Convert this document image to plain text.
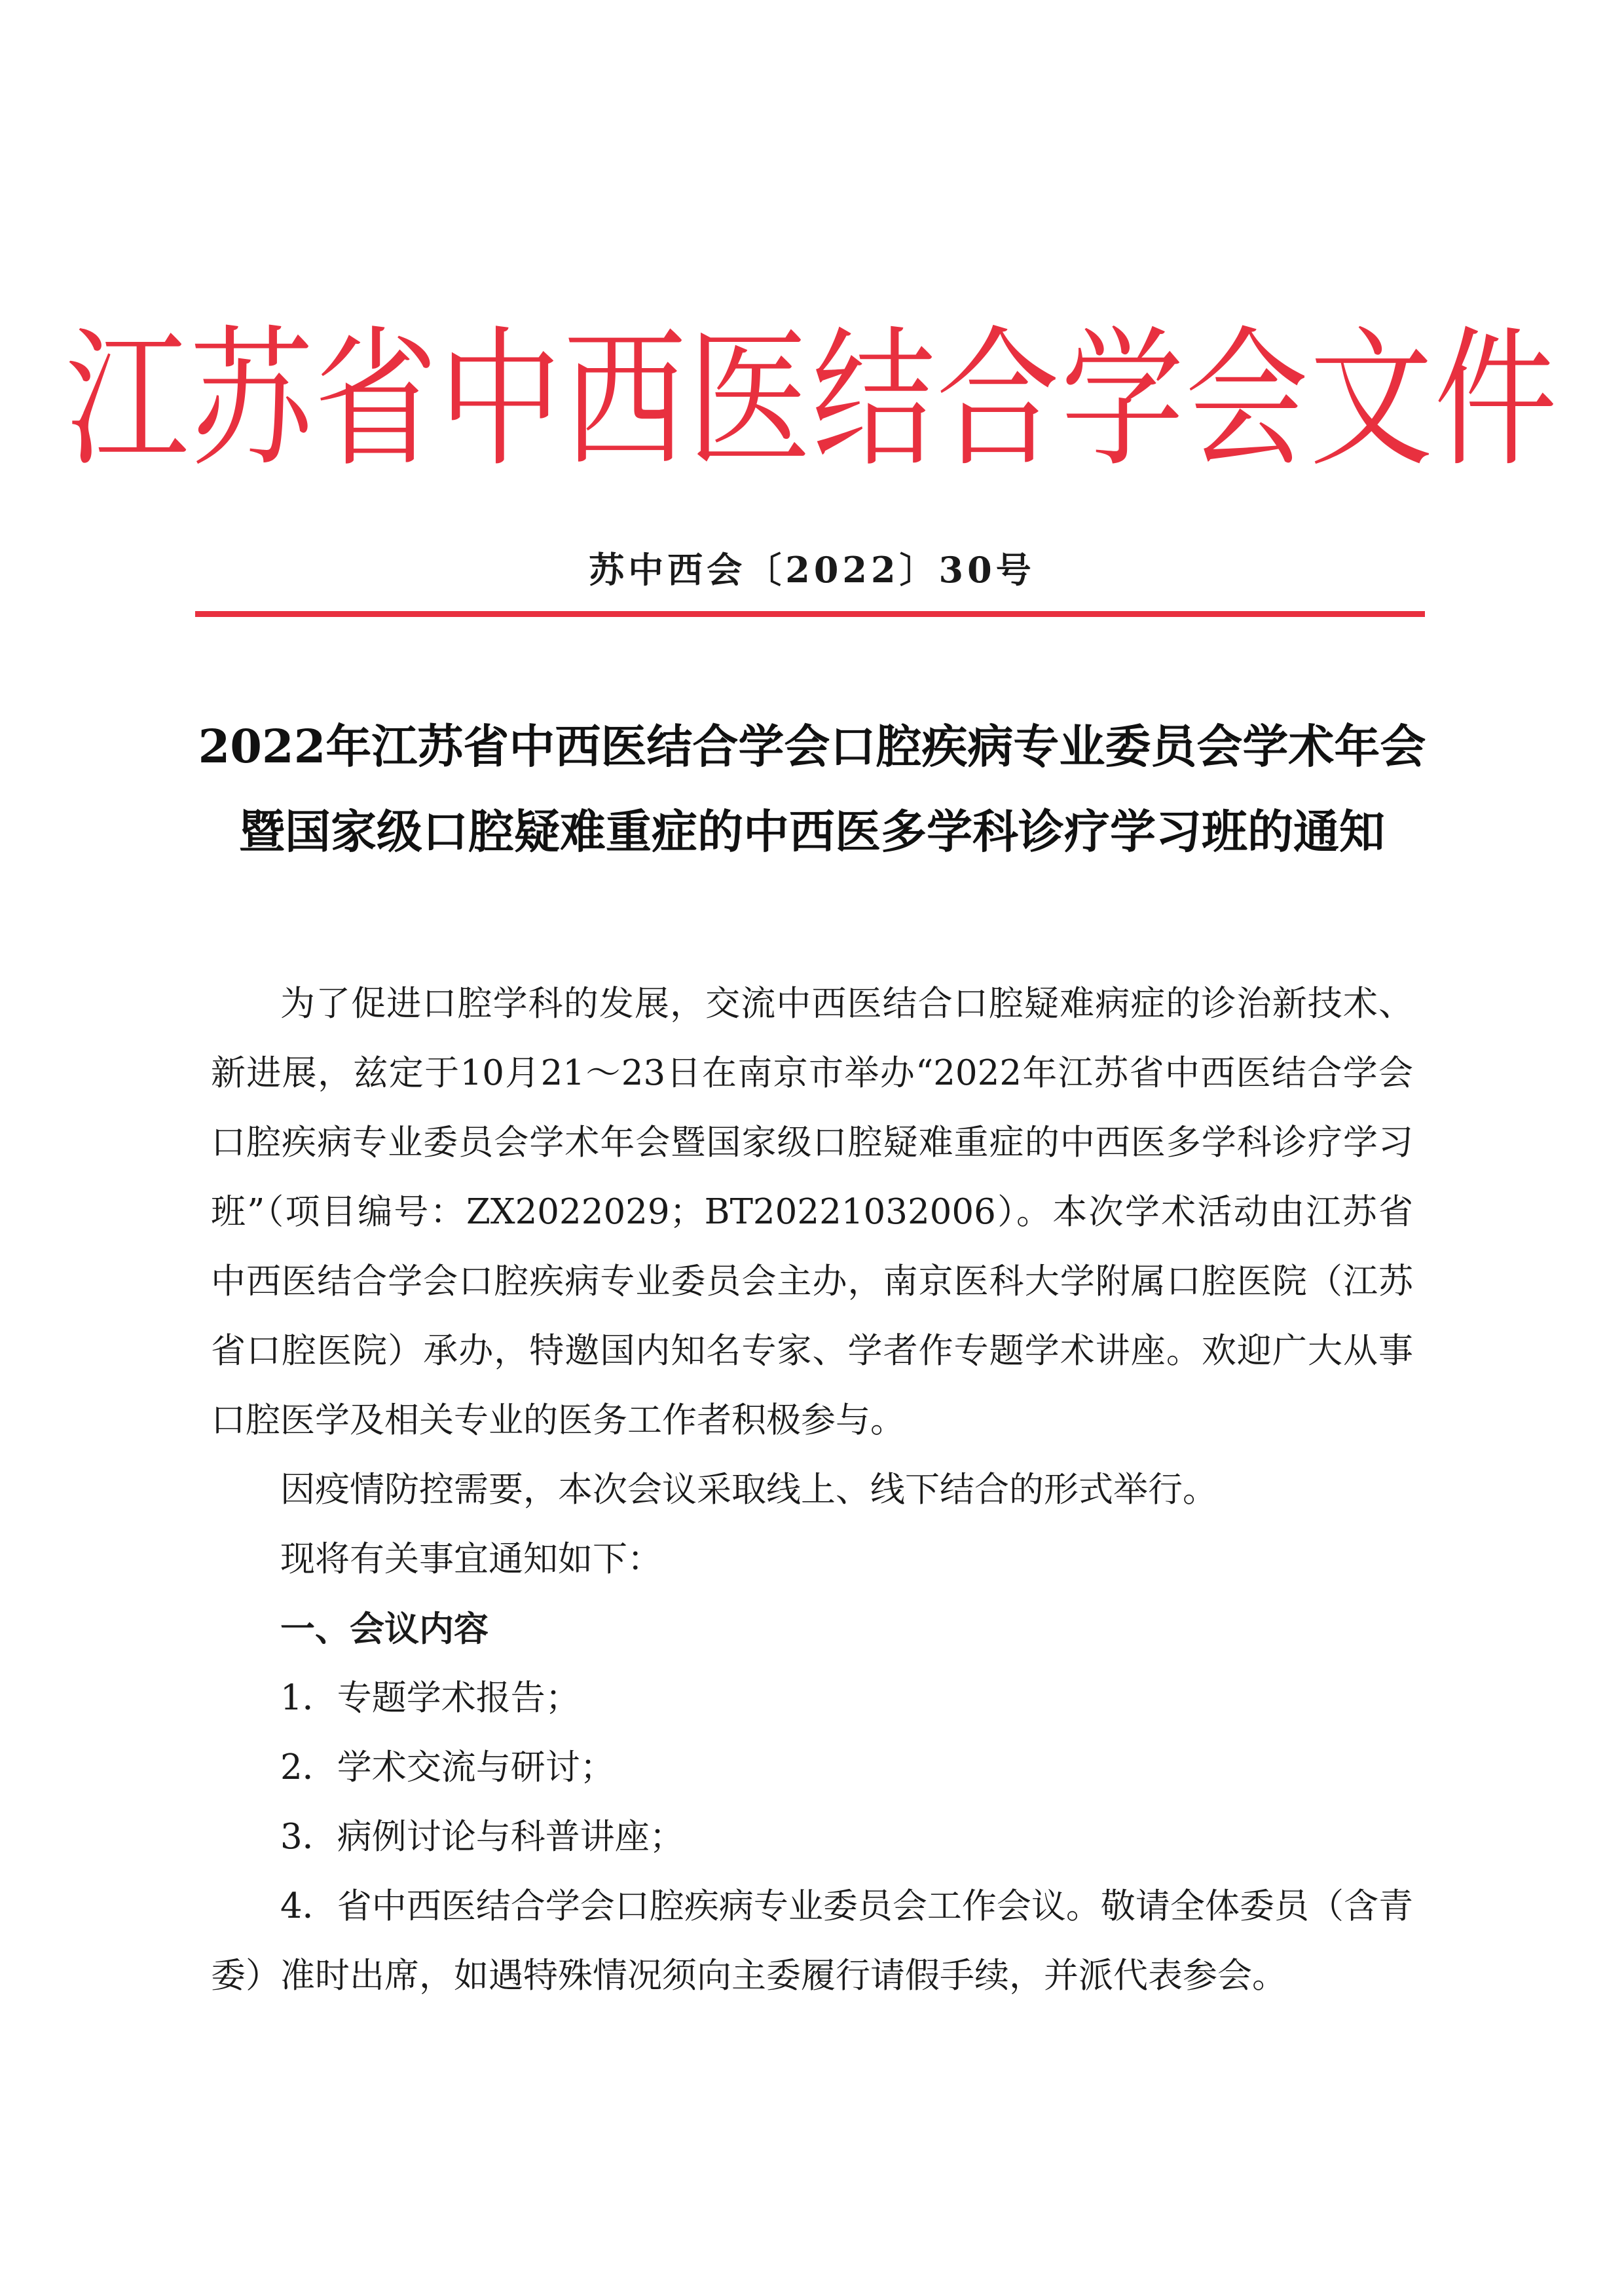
江苏省中西医结合学会文件
苏中西会〔2022〕30号
2022年江苏省中西医结合学会口腔疾病专业委员会学术年会
暨国家级口腔疑难重症的中西医多学科诊疗学习班的通知

为了促进口腔学科的发展，交流中西医结合口腔疑难病症的诊治新技术、新进展，兹定于10月21～23日在南京市举办“2022年江苏省中西医结合学会口腔疾病专业委员会学术年会暨国家级口腔疑难重症的中西医多学科诊疗学习班”（项目编号：ZX2022029；BT20221032006）。本次学术活动由江苏省中西医结合学会口腔疾病专业委员会主办，南京医科大学附属口腔医院（江苏省口腔医院）承办，特邀国内知名专家、学者作专题学术讲座。欢迎广大从事口腔医学及相关专业的医务工作者积极参与。

因疫情防控需要，本次会议采取线上、线下结合的形式举行。

现将有关事宜通知如下：

一、会议内容

1．专题学术报告；

2．学术交流与研讨；

3．病例讨论与科普讲座；

4．省中西医结合学会口腔疾病专业委员会工作会议。敬请全体委员（含青委）准时出席，如遇特殊情况须向主委履行请假手续，并派代表参会。
